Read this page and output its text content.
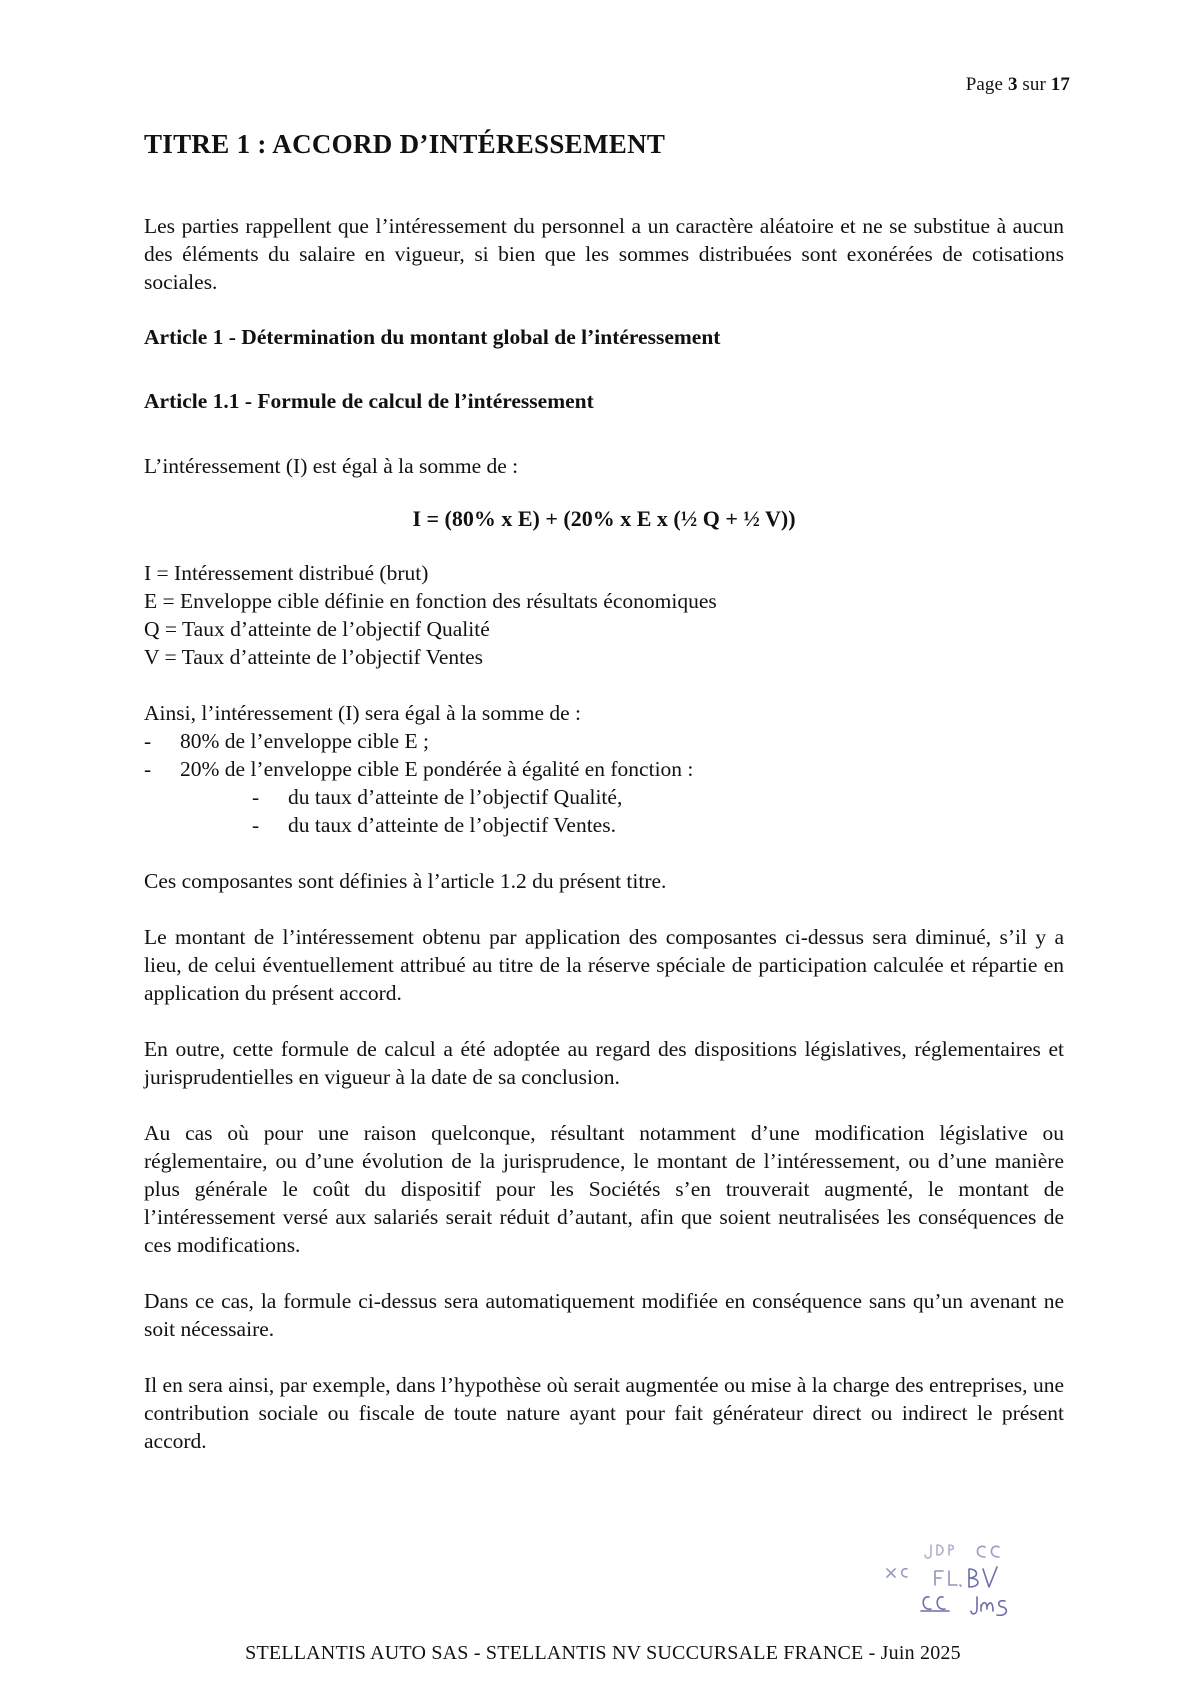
Page 3 sur 17
TITRE 1 : ACCORD D’INTÉRESSEMENT

Les parties rappellent que l’intéressement du personnel a un caractère aléatoire et ne se substitue à aucun des éléments du salaire en vigueur, si bien que les sommes distribuées sont exonérées de cotisations sociales.

Article 1 - Détermination du montant global de l’intéressement

Article 1.1 - Formule de calcul de l’intéressement

L’intéressement (I) est égal à la somme de :

I = (80% x E) + (20% x E x (½ Q + ½ V))

I = Intéressement distribué (brut)
E = Enveloppe cible définie en fonction des résultats économiques
Q = Taux d’atteinte de l’objectif Qualité
V = Taux d’atteinte de l’objectif Ventes
Ainsi, l’intéressement (I) sera égal à la somme de :
- 80% de l’enveloppe cible E ;
- 20% de l’enveloppe cible E pondérée à égalité en fonction :
- du taux d’atteinte de l’objectif Qualité,
- du taux d’atteinte de l’objectif Ventes.

Ces composantes sont définies à l’article 1.2 du présent titre.

Le montant de l’intéressement obtenu par application des composantes ci-dessus sera diminué, s’il y a lieu, de celui éventuellement attribué au titre de la réserve spéciale de participation calculée et répartie en application du présent accord.

En outre, cette formule de calcul a été adoptée au regard des dispositions législatives, réglementaires et jurisprudentielles en vigueur à la date de sa conclusion.

Au cas où pour une raison quelconque, résultant notamment d’une modification législative ou réglementaire, ou d’une évolution de la jurisprudence, le montant de l’intéressement, ou d’une manière plus générale le coût du dispositif pour les Sociétés s’en trouverait augmenté, le montant de l’intéressement versé aux salariés serait réduit d’autant, afin que soient neutralisées les conséquences de ces modifications.

Dans ce cas, la formule ci-dessus sera automatiquement modifiée en conséquence sans qu’un avenant ne soit nécessaire.

Il en sera ainsi, par exemple, dans l’hypothèse où serait augmentée ou mise à la charge des entreprises, une contribution sociale ou fiscale de toute nature ayant pour fait générateur direct ou indirect le présent accord.

STELLANTIS AUTO SAS - STELLANTIS NV SUCCURSALE FRANCE - Juin 2025
